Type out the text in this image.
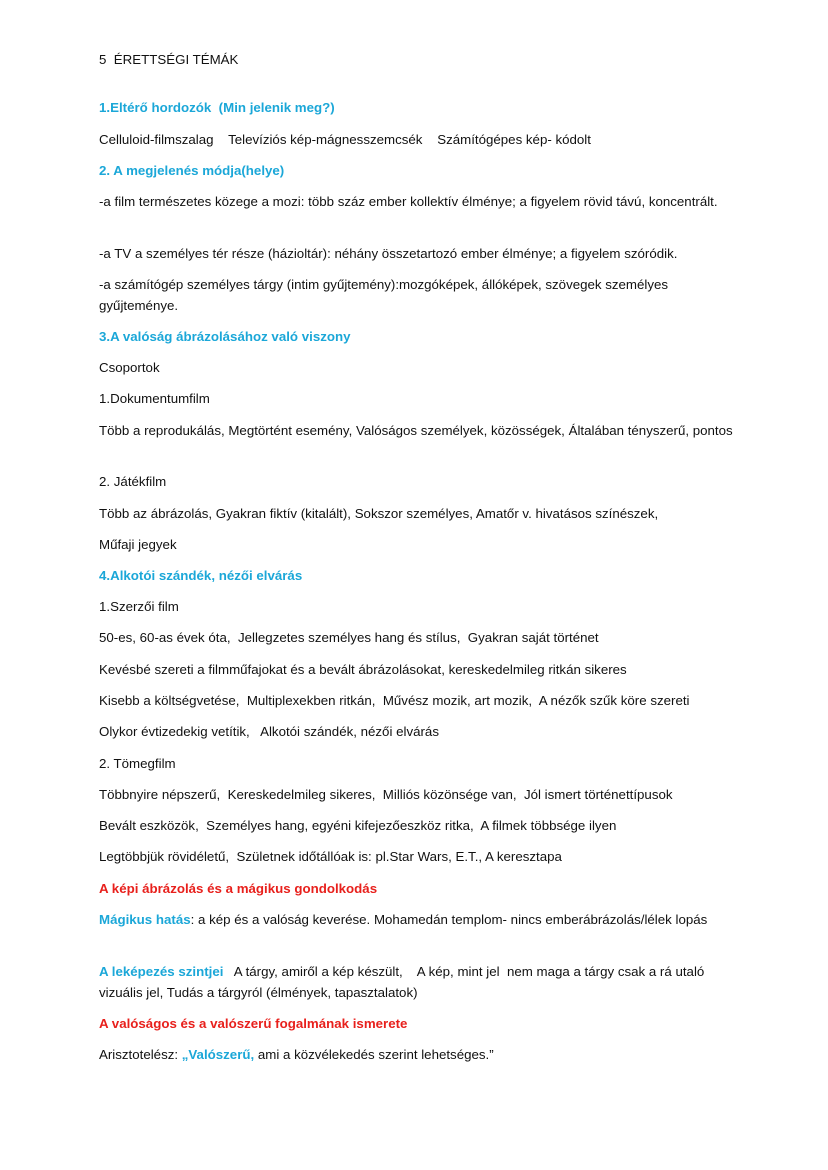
5  ÉRETTSÉGI TÉMÁK
1.Eltérő hordozók  (Min jelenik meg?)
Celluloid-filmszalag    Televíziós kép-mágnesszemcsék    Számítógépes kép- kódolt
2. A megjelenés módja(helye)
-a film természetes közege a mozi: több száz ember kollektív élménye; a figyelem rövid távú, koncentrált.
-a TV a személyes tér része (házioltár): néhány összetartozó ember élménye; a figyelem szóródik.
-a számítógép személyes tárgy (intim gyűjtemény):mozgóképek, állóképek, szövegek személyes gyűjteménye.
3.A valóság ábrázolásához való viszony
Csoportok
1.Dokumentumfilm
Több a reprodukálás, Megtörtént esemény, Valóságos személyek, közösségek, Általában tényszerű, pontos
2. Játékfilm
Több az ábrázolás, Gyakran fiktív (kitalált), Sokszor személyes, Amatőr v. hivatásos színészek,
Műfaji jegyek
4.Alkotói szándék, nézői elvárás
1.Szerzői film
50-es, 60-as évek óta,  Jellegzetes személyes hang és stílus,  Gyakran saját történet
Kevésbé szereti a filmműfajokat és a bevált ábrázolásokat, kereskedelmileg ritkán sikeres
Kisebb a költségvetése,  Multiplexekben ritkán,  Művész mozik, art mozik,  A nézők szűk köre szereti
Olykor évtizedekig vetítik,   Alkotói szándék, nézői elvárás
2. Tömegfilm
Többnyire népszerű,  Kereskedelmileg sikeres,  Milliós közönsége van,  Jól ismert történettípusok
Bevált eszközök,  Személyes hang, egyéni kifejezőeszköz ritka,  A filmek többsége ilyen
Legtöbbjük rövidéletű,  Születnek időtállóak is: pl.Star Wars, E.T., A keresztapa
A képi ábrázolás és a mágikus gondolkodás
Mágikus hatás: a kép és a valóság keverése. Mohamedán templom- nincs emberábrázolás/lélek lopás
A leképezés szintjei   A tárgy, amiről a kép készült,    A kép, mint jel  nem maga a tárgy csak a rá utaló vizuális jel, Tudás a tárgyról (élmények, tapasztalatok)
A valóságos és a valószerű fogalmának ismerete
Arisztotelész: „Valószerű, ami a közvélekedés szerint lehetséges.”
